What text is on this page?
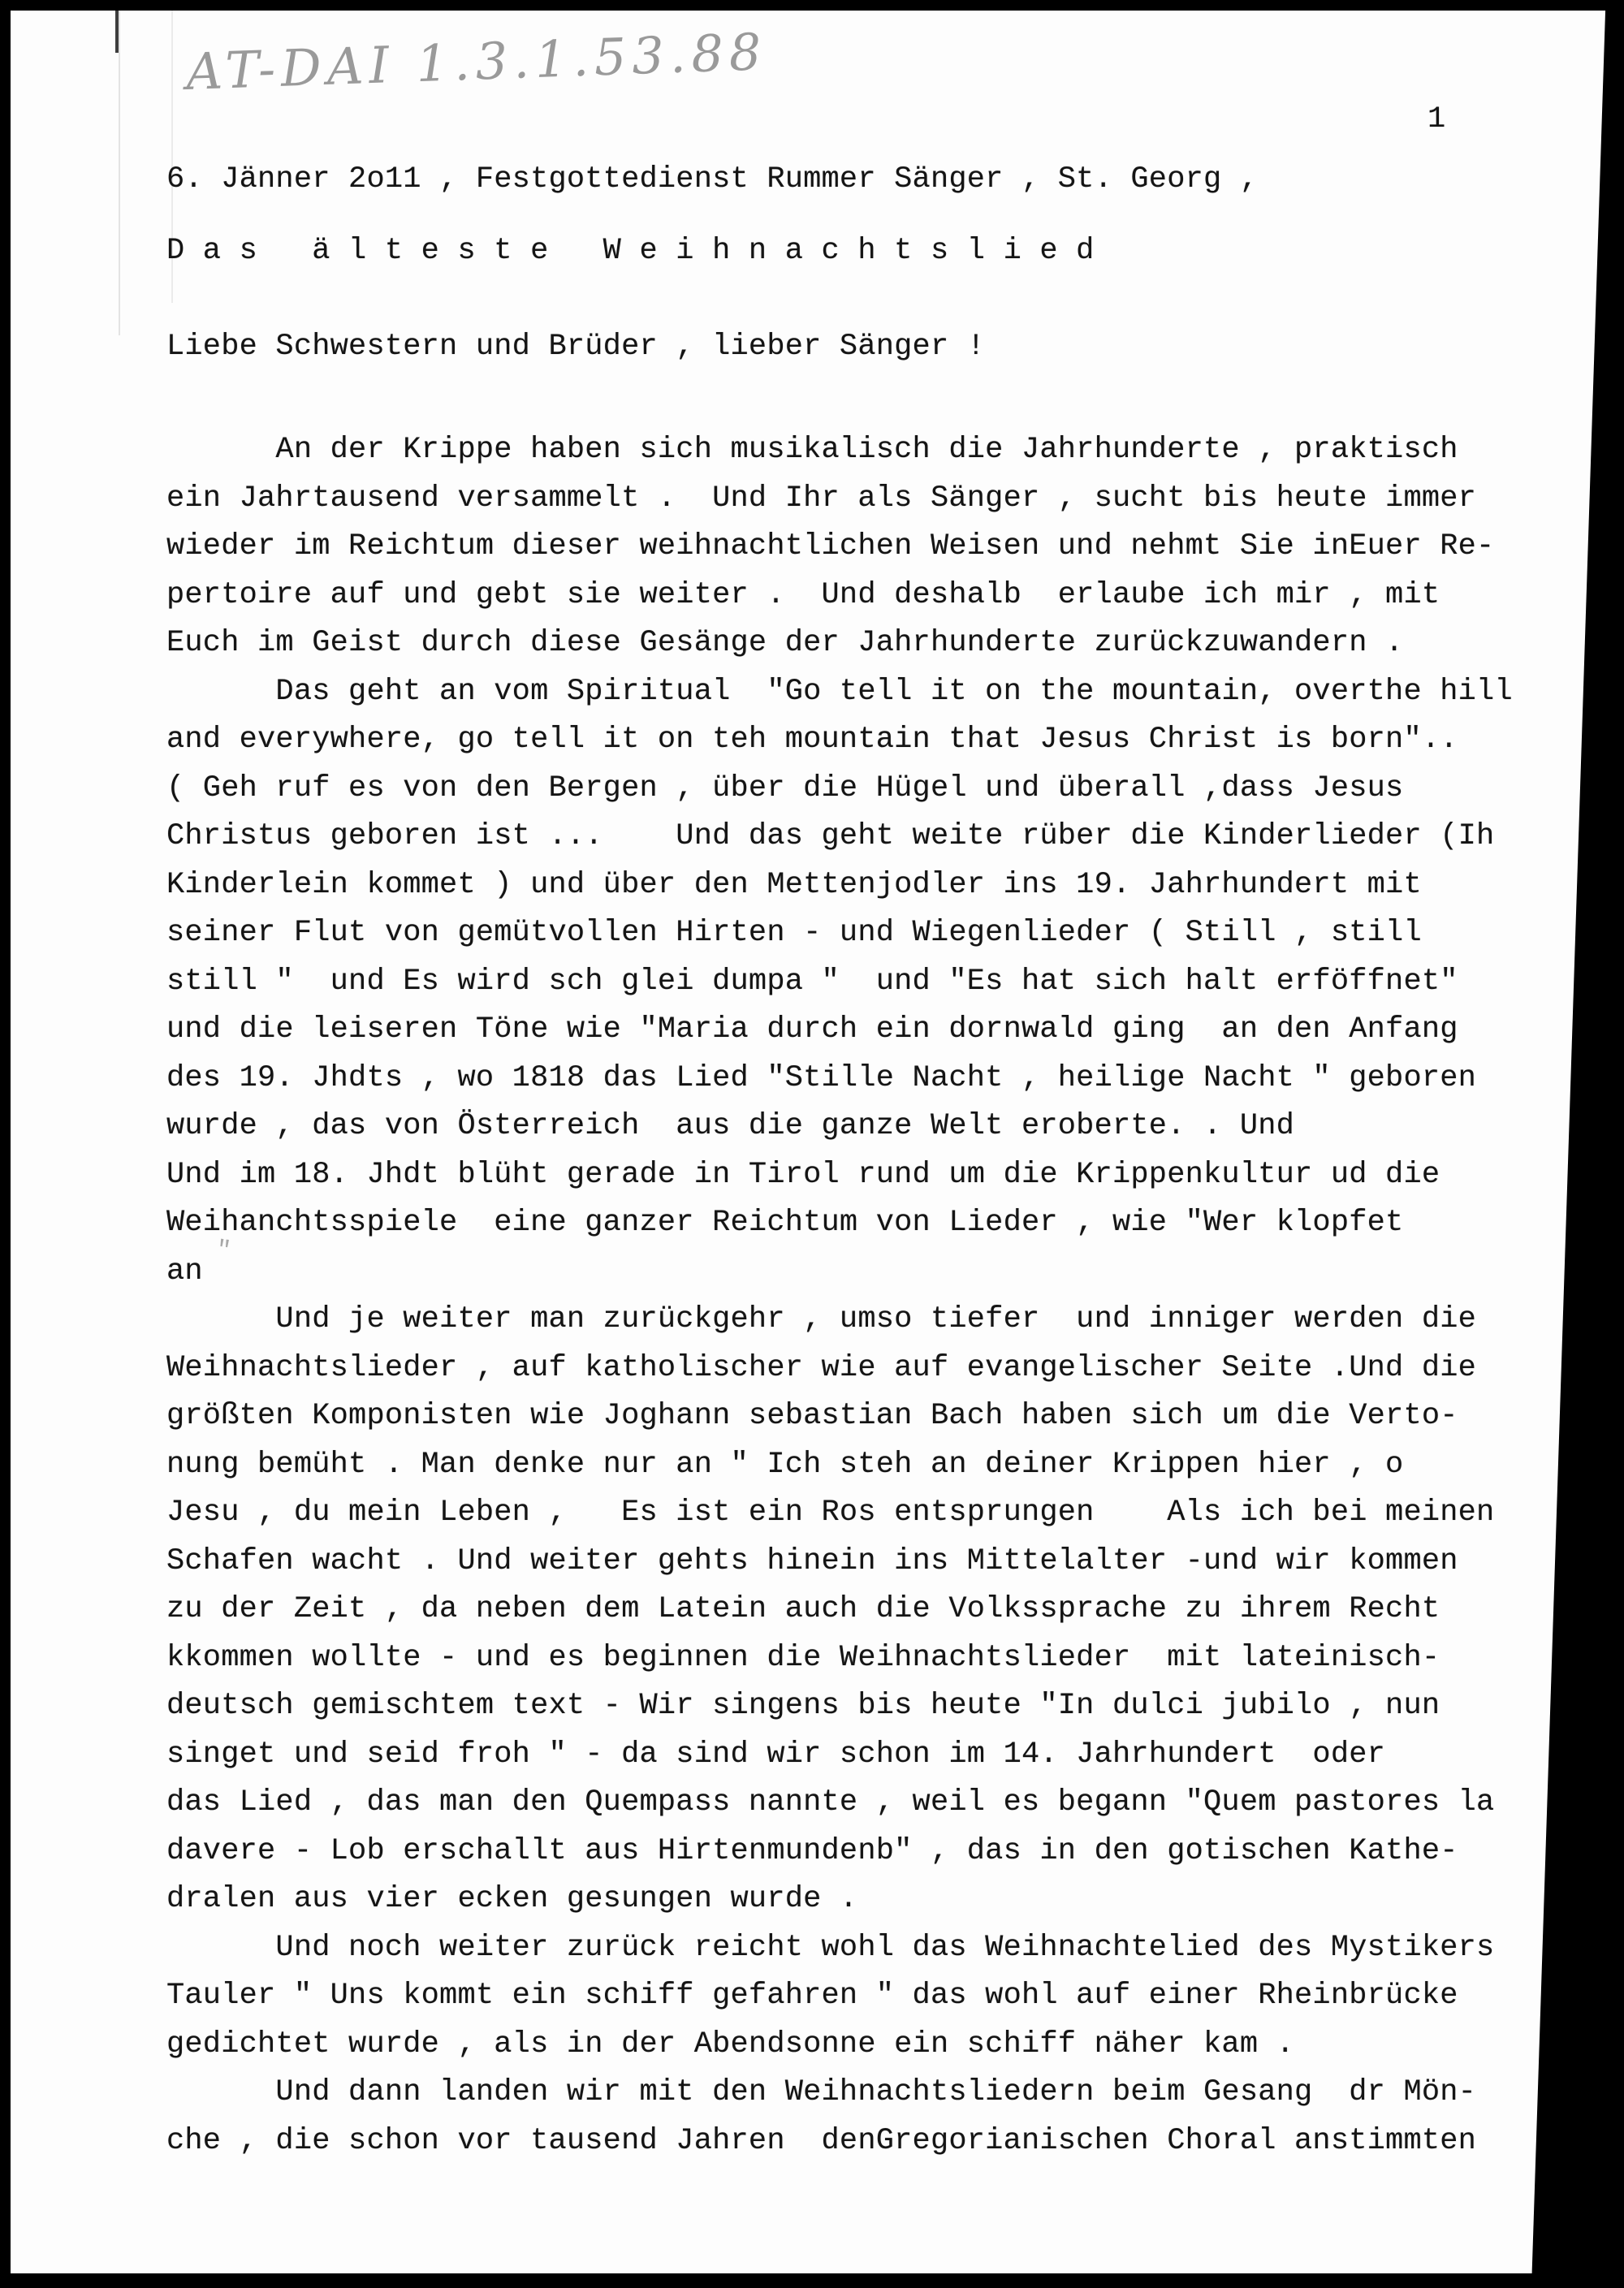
AT-DAI 1.3.1.53.88
1
6. Jänner 2o11 , Festgottedienst Rummer Sänger , St. Georg ,
D a s   ä l t e s t e   W e i h n a c h t s l i e d
Liebe Schwestern und Brüder , lieber Sänger !
An der Krippe haben sich musikalisch die Jahrhunderte , praktisch
ein Jahrtausend versammelt .  Und Ihr als Sänger , sucht bis heute immer
wieder im Reichtum dieser weihnachtlichen Weisen und nehmt Sie inEuer Re-
pertoire auf und gebt sie weiter .  Und deshalb  erlaube ich mir , mit
Euch im Geist durch diese Gesänge der Jahrhunderte zurückzuwandern .
Das geht an vom Spiritual  "Go tell it on the mountain, overthe hill
and everywhere, go tell it on teh mountain that Jesus Christ is born"..
( Geh ruf es von den Bergen , über die Hügel und überall ,dass Jesus
Christus geboren ist ...    Und das geht weite rüber die Kinderlieder (Ih
Kinderlein kommet ) und über den Mettenjodler ins 19. Jahrhundert mit
seiner Flut von gemütvollen Hirten - und Wiegenlieder ( Still , still
still "  und Es wird sch glei dumpa "  und "Es hat sich halt erföffnet"
und die leiseren Töne wie "Maria durch ein dornwald ging  an den Anfang
des 19. Jhdts , wo 1818 das Lied "Stille Nacht , heilige Nacht " geboren
wurde , das von Österreich  aus die ganze Welt eroberte. . Und
Und im 18. Jhdt blüht gerade in Tirol rund um die Krippenkultur ud die
Weihanchtsspiele  eine ganzer Reichtum von Lieder , wie "Wer klopfet
an
Und je weiter man zurückgehr , umso tiefer  und inniger werden die
Weihnachtslieder , auf katholischer wie auf evangelischer Seite .Und die
größten Komponisten wie Joghann sebastian Bach haben sich um die Verto-
nung bemüht . Man denke nur an " Ich steh an deiner Krippen hier , o
Jesu , du mein Leben ,   Es ist ein Ros entsprungen    Als ich bei meinen
Schafen wacht . Und weiter gehts hinein ins Mittelalter -und wir kommen
zu der Zeit , da neben dem Latein auch die Volkssprache zu ihrem Recht
kkommen wollte - und es beginnen die Weihnachtslieder  mit lateinisch-
deutsch gemischtem text - Wir singens bis heute "In dulci jubilo , nun
singet und seid froh " - da sind wir schon im 14. Jahrhundert  oder
das Lied , das man den Quempass nannte , weil es begann "Quem pastores la
davere - Lob erschallt aus Hirtenmundenb" , das in den gotischen Kathe-
dralen aus vier ecken gesungen wurde .
Und noch weiter zurück reicht wohl das Weihnachtelied des Mystikers
Tauler " Uns kommt ein schiff gefahren " das wohl auf einer Rheinbrücke
gedichtet wurde , als in der Abendsonne ein schiff näher kam .
Und dann landen wir mit den Weihnachtsliedern beim Gesang  dr Mön-
che , die schon vor tausend Jahren  denGregorianischen Choral anstimmten
"
